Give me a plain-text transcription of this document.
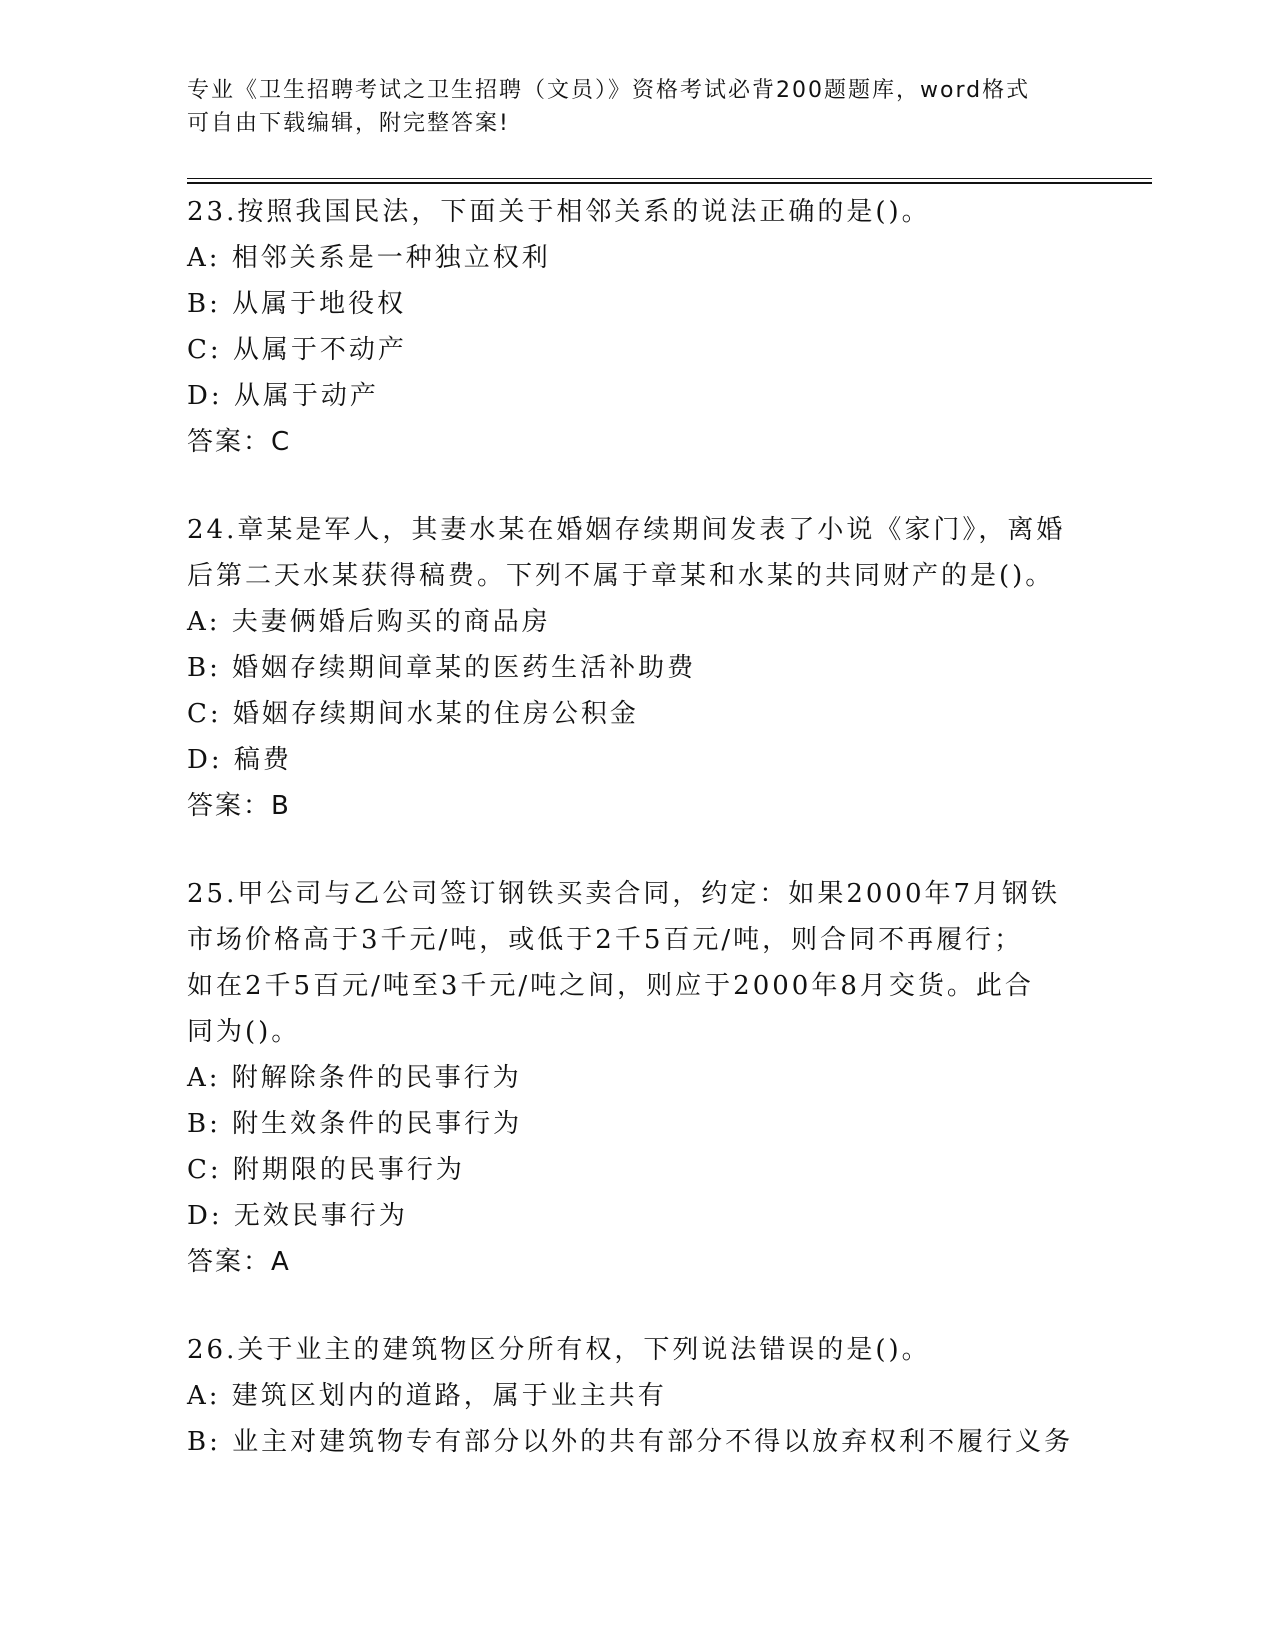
专业《卫生招聘考试之卫生招聘（文员）》资格考试必背200题题库，word格式
可自由下载编辑，附完整答案!
23.按照我国民法，下面关于相邻关系的说法正确的是()。
A: 相邻关系是一种独立权利
B: 从属于地役权
C: 从属于不动产
D: 从属于动产
答案：C
24.章某是军人，其妻水某在婚姻存续期间发表了小说《家门》，离婚
后第二天水某获得稿费。下列不属于章某和水某的共同财产的是()。
A: 夫妻俩婚后购买的商品房
B: 婚姻存续期间章某的医药生活补助费
C: 婚姻存续期间水某的住房公积金
D: 稿费
答案：B
25.甲公司与乙公司签订钢铁买卖合同，约定：如果2000年7月钢铁
市场价格高于3千元/吨，或低于2千5百元/吨，则合同不再履行；
如在2千5百元/吨至3千元/吨之间，则应于2000年8月交货。此合
同为()。
A: 附解除条件的民事行为
B: 附生效条件的民事行为
C: 附期限的民事行为
D: 无效民事行为
答案：A
26.关于业主的建筑物区分所有权，下列说法错误的是()。
A: 建筑区划内的道路，属于业主共有
B: 业主对建筑物专有部分以外的共有部分不得以放弃权利不履行义务
